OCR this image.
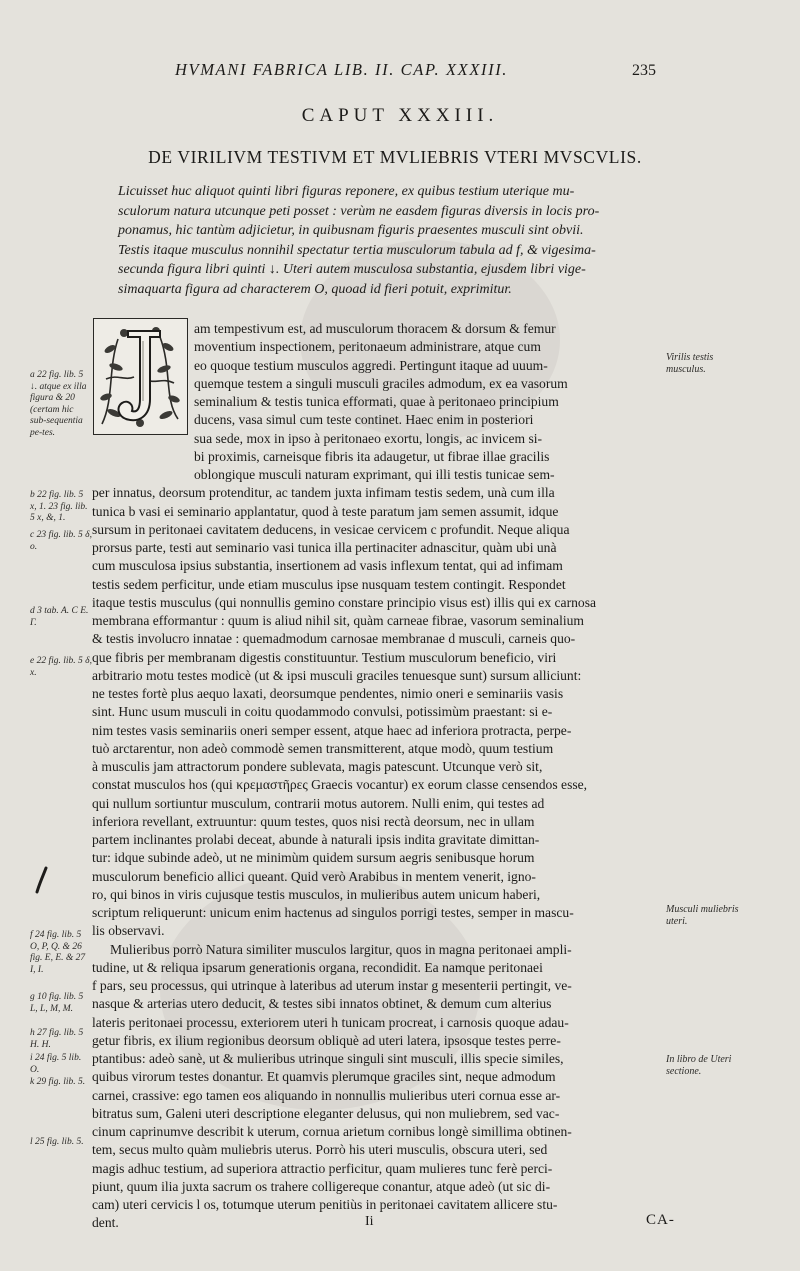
HVMANI FABRICA LIB. II. CAP. XXXIII.	235
CAPUT XXXIII.
DE VIRILIVM TESTIVM ET MVLIEBRIS VTERI MVSCVLIS.
Licuisset huc aliquot quinti libri figuras reponere, ex quibus testium uterique mu-
sculorum natura utcunque peti posset : verùm ne easdem figuras diversis in locis pro-
ponamus, hic tantùm adjicietur, in quibusnam figuris praesentes musculi sint obvii.
Testis itaque musculus nonnihil spectatur tertia musculorum tabula ad f, & vigesima-
secunda figura libri quinti ↓. Uteri autem musculosa substantia, ejusdem libri vige-
simaquarta figura ad characterem O, quoad id fieri potuit, exprimitur.
am tempestivum est, ad musculorum thoracem & dorsum & femur
moventium inspectionem, peritonaeum administrare, atque cum
eo quoque testium musculos aggredi. Pertingunt itaque ad uuum-
quemque testem a singuli musculi graciles admodum, ex ea vasorum
seminalium & testis tunica efformati, quae à peritonaeo principium
ducens, vasa simul cum teste continet. Haec enim in posteriori
sua sede, mox in ipso à peritonaeo exortu, longis, ac invicem si-
bi proximis, carneisque fibris ita adaugetur, ut fibrae illae gracilis
oblongique musculi naturam exprimant, qui illi testis tunicae sem-
per innatus, deorsum protenditur, ac tandem juxta infimam testis sedem, unà cum illa
tunica b vasi ei seminario applantatur, quod à teste paratum jam semen assumit, idque
sursum in peritonaei cavitatem deducens, in vesicae cervicem c profundit. Neque aliqua
prorsus parte, testi aut seminario vasi tunica illa pertinaciter adnascitur, quàm ubi unà
cum musculosa ipsius substantia, insertionem ad vasis inflexum tentat, qui ad infimam
testis sedem perficitur, unde etiam musculus ipse nusquam testem contingit. Respondet
itaque testis musculus (qui nonnullis gemino constare principio visus est) illis qui ex carnosa
membrana efformantur : quum is aliud nihil sit, quàm carneae fibrae, vasorum seminalium
& testis involucro innatae : quemadmodum carnosae membranae d musculi, carneis quo-
que fibris per membranam digestis constituuntur. Testium musculorum beneficio, viri
arbitrario motu testes modicè (ut & ipsi musculi graciles tenuesque sunt) sursum alliciunt:
ne testes fortè plus aequo laxati, deorsumque pendentes, nimio oneri e seminariis vasis
sint. Hunc usum musculi in coitu quodammodo convulsi, potissimùm praestant: si e-
nim testes vasis seminariis oneri semper essent, atque haec ad inferiora protracta, perpe-
tuò arctarentur, non adeò commodè semen transmitterent, atque modò, quum testium
à musculis jam attractorum pondere sublevata, magis patescunt. Utcunque verò sit,
constat musculos hos (qui κρεμαστῆρες Graecis vocantur) ex eorum classe censendos esse,
qui nullum sortiuntur musculum, contrarii motus autorem. Nulli enim, qui testes ad
inferiora revellant, extruuntur: quum testes, quos nisi rectà deorsum, nec in ullam
partem inclinantes prolabi deceat, abunde à naturali ipsis indita gravitate dimittan-
tur: idque subinde adeò, ut ne minimùm quidem sursum aegris senibusque horum
musculorum beneficio allici queant. Quid verò Arabibus in mentem venerit, igno-
ro, qui binos in viris cujusque testis musculos, in mulieribus autem unicum haberi,
scriptum reliquerunt: unicum enim hactenus ad singulos porrigi testes, semper in mascu-
lis observavi.
Mulieribus porrò Natura similiter musculos largitur, quos in magna peritonaei ampli-
tudine, ut & reliqua ipsarum generationis organa, recondidit. Ea namque peritonaei
f pars, seu processus, qui utrinque à lateribus ad uterum instar g mesenterii pertingit, ve-
nasque & arterias utero deducit, & testes sibi innatos obtinet, & demum cum alterius
lateris peritonaei processu, exteriorem uteri h tunicam procreat, i carnosis quoque adau-
getur fibris, ex ilium regionibus deorsum obliquè ad uteri latera, ipsosque testes perre-
ptantibus: adeò sanè, ut & mulieribus utrinque singuli sint musculi, illis specie similes,
quibus virorum testes donantur. Et quamvis plerumque graciles sint, neque admodum
carnei, crassive: ego tamen eos aliquando in nonnullis mulieribus uteri cornua esse ar-
bitratus sum, Galeni uteri descriptione eleganter delusus, qui non muliebrem, sed vac-
cinum caprinumve describit k uterum, cornua arietum cornibus longè simillima obtinen-
tem, secus multo quàm muliebris uterus. Porrò his uteri musculis, obscura uteri, sed
magis adhuc testium, ad superiora attractio perficitur, quam mulieres tunc ferè perci-
piunt, quum ilia juxta sacrum os trahere colligereque conantur, atque adeò (ut sic di-
cam) uteri cervicis l os, totumque uterum penitiùs in peritonaei cavitatem allicere stu-
dent.
a 22 fig. lib. 5 ↓. atque ex illa figura & 20 (certam hic sub-sequentia pe-tes.
b 22 fig. lib. 5 x, 1. 23 fig. lib. 5 x, &, 1.
c 23 fig. lib. 5 δ, o.
d 3 tab. A. C E. Γ.
e 22 fig. lib. 5 δ, x.
f 24 fig. lib. 5 O, P, Q. & 26 fig. E, E. & 27 I, I.
g 10 fig. lib. 5 L, L, M, M.
h 27 fig. lib. 5 H. H.
i 24 fig. 5 lib. O.
k 29 fig. lib. 5.
l 25 fig. lib. 5.
Virilis testis musculus.
Musculi muliebris uteri.
In libro de Uteri sectione.
Ii	CA-
